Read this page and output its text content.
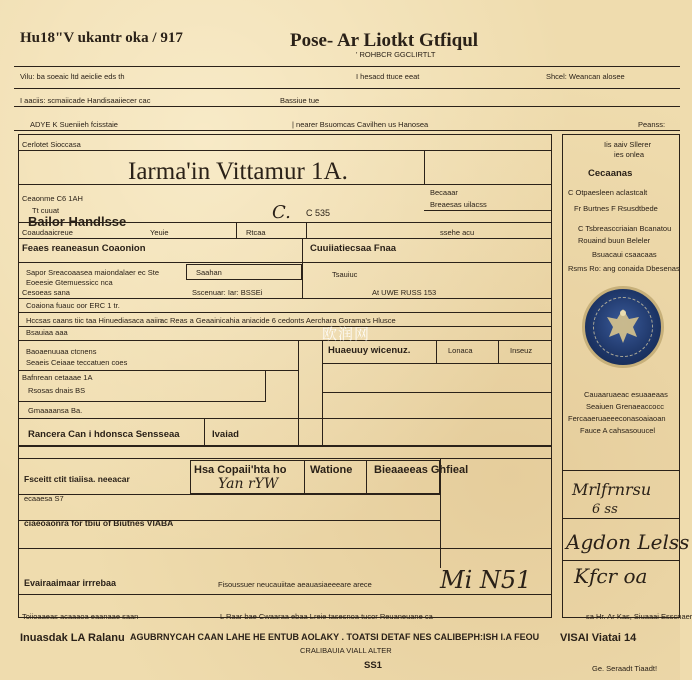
Hu18"V ukantr oka / 917	Pose- Ar Liotkt Gtfiqul
' ROHBCR GGCLIRTLT
Vilu: ba soeaic ltd aeiclie eds th	I hesacd ttuce eeat	Shcel: Weancan alosee
I aaciis: scmaiicade Handisaaiiecer cac	Bassiue tue
ADYE K Sueniieh fcisstaie	| nearer Bsuomcas Cavilhen us Hanosea	Peanss:
Cerlotet Sioccasa
Iarma'in Vittamur 1A.
Ceaonme C6 1AH
Tt cuuat
Becaaar
Breaesas uilacss
Bailor Handlsse
Coaudaaicreue
C. C 535
Yeuie	Rtcaa	ssehe acu
Feaes reaneasun Coaonion	Cuuiiatiecsaa Fnaa
Sapor Sreacoaasea maiondalaer ec Ste	Saahan	Tsauiuc
Eoeesie Gtemuessicc nca
Cesoeas sana	Sscenuar: Iar: BSSEi	At UWE RUSS 153
Coaiona fuauc oor ERC 1 tr.
Hccsas caans tiic taa Hinuediasaca aaiin
ac Reas a Geaainicahia aniacide 6 cedonts Aerchara Gorama's Hlusce
Bsauiaa aaa
Baoaenuuaa ctcnens	Huaeuuy wicenuz.	Lonaca	Inseuz
Seaeis Ceiaae teccatuen coes
Bafnrean cetaaae 1A
Rsosas dnais BS
Gmaaaansa Ba.
Rancera Can i hdonsca Sensseaa	Ivaiad
Fsceitt ctit tiaiisa. neeacar
ecaaesa S7
Hsa Copaii'hta ho
Yan rYW
Watione Bieaaeeas Ghfieal
ciaeoaonra for tbiu of Biutnes VIABA
Evairaaimaar irrrebaa	Fisoussuer neucauiitae aeauasiaeeeare arece	Mi N51
Toiioaaeas acaaaoa eaanaae saan	L Raar bae Cwaaraa ebaa Lreie tasesnoa tucor Reuaneuane ca	sa Hr. Ar Kas, Siuaaai Esscnaer
Iis aaiv Sllerer
ies onlea
Cecaanas
C Otpaesleen aclastcalt
Fr Burtnes F Rsusdtbede
C Tsbreasccriaian Bcanatou
Rouaind buun Beleler
Bsuacaui csaacaas
Rsms Ro: ang conaida Dbesenas
Cauaaruaeac esuaaeaas
Seaiuen Grenaeaccocc
Fercaaeruaeeeconasoaiaoan
Fauce A cahsasouucel
Mrlfrnrsu
6 ss
Agdon Lelss
Kfcr oa
Inuasdak LA Ralanu AGUBRNYCAH CAAN LAHE HE ENTUB AOLAKY . TOATSI DETAF NES CALIBEPH:ISH I.A FEOU VISAI Viatai 14
CRALIBAUIA VIALL ALTER
SS1	Ge. Seraadt Tiaadt!
欧润网
